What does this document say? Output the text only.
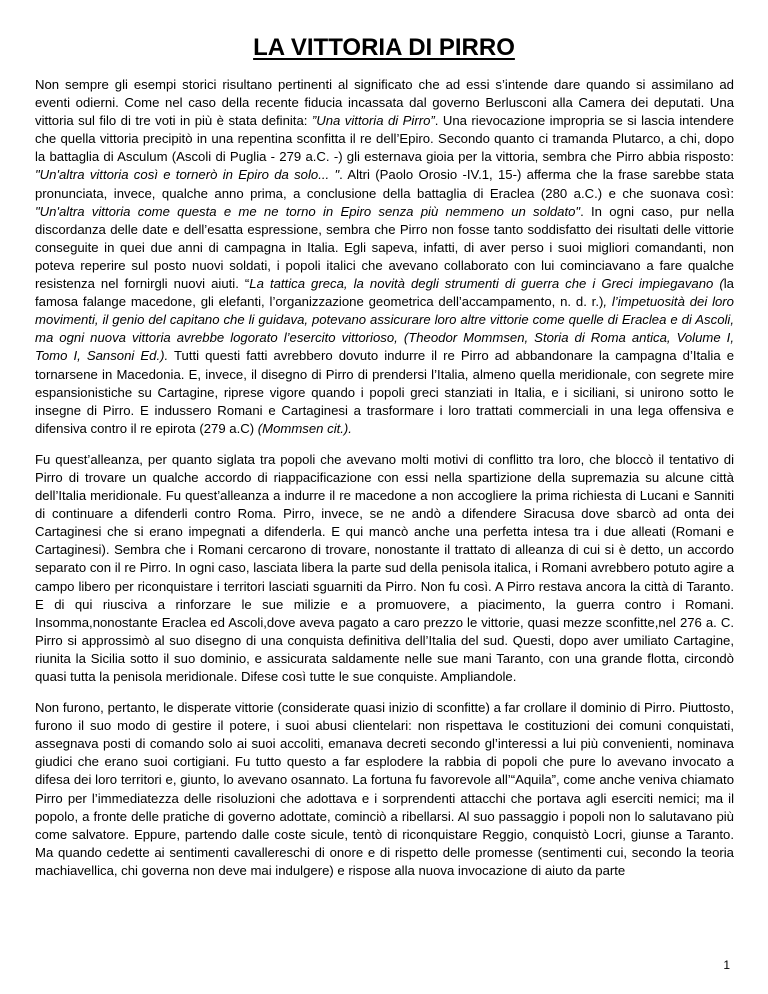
LA VITTORIA DI PIRRO

Non sempre gli esempi storici risultano pertinenti al significato che ad essi s’intende dare quando si assimilano ad eventi odierni. Come nel caso della recente fiducia incassata dal governo Berlusconi alla Camera dei deputati. Una vittoria sul filo di tre voti in più è stata definita: ”Una vittoria di Pirro”. Una rievocazione impropria se si lascia intendere che quella vittoria precipitò in una repentina sconfitta il re dell’Epiro. Secondo quanto ci tramanda Plutarco, a chi, dopo la battaglia di Asculum (Ascoli di Puglia - 279 a.C. -) gli esternava gioia per la vittoria, sembra che Pirro abbia risposto: "Un'altra vittoria così e tornerò in Epiro da solo... ". Altri (Paolo Orosio -IV.1, 15-) afferma che la frase sarebbe stata pronunciata, invece, qualche anno prima, a conclusione della battaglia di Eraclea (280 a.C.) e che suonava così: "Un'altra vittoria come questa e me ne torno in Epiro senza più nemmeno un soldato". In ogni caso, pur nella discordanza delle date e dell’esatta espressione, sembra che Pirro non fosse tanto soddisfatto dei risultati delle vittorie conseguite in quei due anni di campagna in Italia. Egli sapeva, infatti, di aver perso i suoi migliori comandanti, non poteva reperire sul posto nuovi soldati, i popoli italici che avevano collaborato con lui cominciavano a fare qualche resistenza nel fornirgli nuovi aiuti. “La tattica greca, la novità degli strumenti di guerra che i Greci impiegavano (la famosa falange macedone, gli elefanti, l’organizzazione geometrica dell’accampamento, n. d. r.), l’impetuosità dei loro movimenti, il genio del capitano che li guidava, potevano assicurare loro altre vittorie come quelle di Eraclea e di Ascoli, ma ogni nuova vittoria avrebbe logorato l’esercito vittorioso, (Theodor Mommsen, Storia di Roma antica, Volume I, Tomo I, Sansoni Ed.). Tutti questi fatti avrebbero dovuto indurre il re Pirro ad abbandonare la campagna d’Italia e tornarsene in Macedonia. E, invece, il disegno di Pirro di prendersi l’Italia, almeno quella meridionale, con segrete mire espansionistiche su Cartagine, riprese vigore quando i popoli greci stanziati in Italia, e i siciliani, si unirono sotto le insegne di Pirro. E indussero Romani e Cartaginesi a trasformare i loro trattati commerciali in una lega offensiva e difensiva contro il re epirota (279 a.C) (Mommsen cit.).

Fu quest’alleanza, per quanto siglata tra popoli che avevano molti motivi di conflitto tra loro, che bloccò il tentativo di Pirro di trovare un qualche accordo di riappacificazione con essi nella spartizione della supremazia su alcune città dell’Italia meridionale. Fu quest’alleanza a indurre il re macedone a non accogliere la prima richiesta di Lucani e Sanniti di continuare a difenderli contro Roma. Pirro, invece, se ne andò a difendere Siracusa dove sbarcò ad onta dei Cartaginesi che si erano impegnati a difenderla. E qui mancò anche una perfetta intesa tra i due alleati (Romani e Cartaginesi). Sembra che i Romani cercarono di trovare, nonostante il trattato di alleanza di cui si è detto, un accordo separato con il re Pirro. In ogni caso, lasciata libera la parte sud della penisola italica, i Romani avrebbero potuto agire a campo libero per riconquistare i territori lasciati sguarniti da Pirro. Non fu così. A Pirro restava ancora la città di Taranto. E di qui riusciva a rinforzare le sue milizie e a promuovere, a piacimento, la guerra contro i Romani. Insomma,nonostante Eraclea ed Ascoli,dove aveva pagato a caro prezzo le vittorie, quasi mezze sconfitte,nel 276 a. C. Pirro si approssimò al suo disegno di una conquista definitiva dell’Italia del sud. Questi, dopo aver umiliato Cartagine, riunita la Sicilia sotto il suo dominio, e assicurata saldamente nelle sue mani Taranto, con una grande flotta, circondò quasi tutta la penisola meridionale. Difese così tutte le sue conquiste. Ampliandole.

Non furono, pertanto, le disperate vittorie (considerate quasi inizio di sconfitte) a far crollare il dominio di Pirro. Piuttosto, furono il suo modo di gestire il potere, i suoi abusi clientelari: non rispettava le costituzioni dei comuni conquistati, assegnava posti di comando solo ai suoi accoliti, emanava decreti secondo gl’interessi a lui più convenienti, nominava giudici che erano suoi cortigiani. Fu tutto questo a far esplodere la rabbia di popoli che pure lo avevano invocato a difesa dei loro territori e, giunto, lo avevano osannato. La fortuna fu favorevole all’“Aquila”, come anche veniva chiamato Pirro per l’immediatezza delle risoluzioni che adottava e i sorprendenti attacchi che portava agli eserciti nemici; ma il popolo, a fronte delle pratiche di governo adottate, cominciò a ribellarsi. Al suo passaggio i popoli non lo salutavano più come salvatore. Eppure, partendo dalle coste sicule, tentò di riconquistare Reggio, conquistò Locri, giunse a Taranto. Ma quando cedette ai sentimenti cavallereschi di onore e di rispetto delle promesse (sentimenti cui, secondo la teoria machiavellica, chi governa non deve mai indulgere) e rispose alla nuova invocazione di aiuto da parte

1
